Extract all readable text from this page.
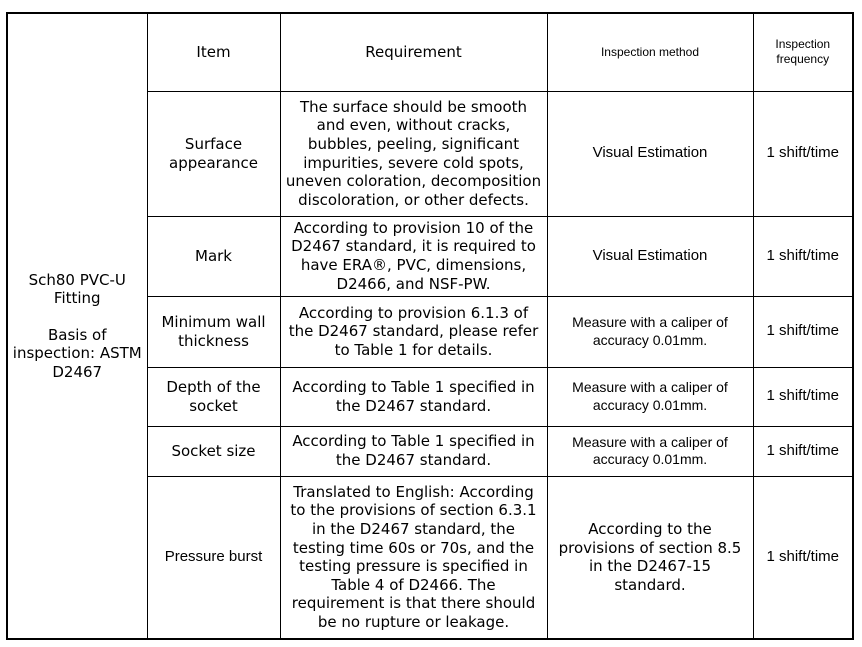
Sch80 PVC-U Fitting
Basis of inspection: ASTM D2467	Item	Requirement	Inspection method	Inspection frequency
	Surface appearance	The surface should be smooth and even, without cracks, bubbles, peeling, significant impurities, severe cold spots, uneven coloration, decomposition discoloration, or other defects.	Visual Estimation	1 shift/time
	Mark	According to provision 10 of the D2467 standard, it is required to have ERA®, PVC, dimensions, D2466, and NSF-PW.	Visual Estimation	1 shift/time
	Minimum wall thickness	According to provision 6.1.3 of the D2467 standard, please refer to Table 1 for details.	Measure with a caliper of accuracy 0.01mm.	1 shift/time
	Depth of the socket	According to Table 1 specified in the D2467 standard.	Measure with a caliper of accuracy 0.01mm.	1 shift/time
	Socket size	According to Table 1 specified in the D2467 standard.	Measure with a caliper of accuracy 0.01mm.	1 shift/time
	Pressure burst	Translated to English: According to the provisions of section 6.3.1 in the D2467 standard, the testing time 60s or 70s, and the testing pressure is specified in Table 4 of D2466. The requirement is that there should be no rupture or leakage.	According to the provisions of section 8.5 in the D2467-15 standard.	1 shift/time
